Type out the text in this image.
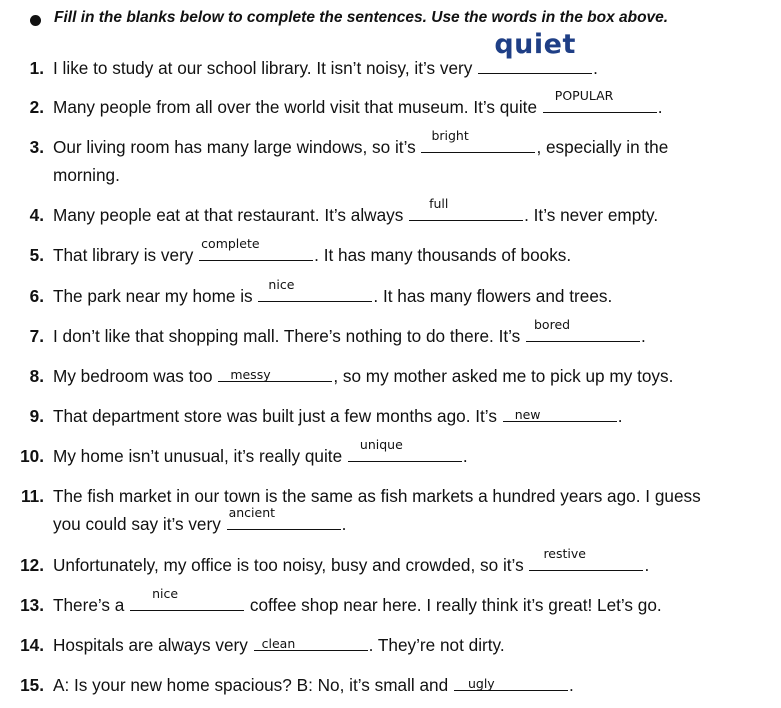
Fill in the blanks below to complete the sentences. Use the words in the box above.
1. I like to study at our school library. It isn’t noisy, it’s very
quiet
.
2. Many people from all over the world visit that museum. It’s quite
POPULAR
.
3. Our living room has many large windows, so it’s
bright
, especially in the
morning.
4. Many people eat at that restaurant. It’s always
full
. It’s never empty.
5. That library is very
complete
. It has many thousands of books.
6. The park near my home is
nice
. It has many flowers and trees.
7. I don’t like that shopping mall. There’s nothing to do there. It’s
bored
.
8. My bedroom was too messy	, so my mother asked me to pick up my toys.
9. That department store was built just a few months ago. It’s new	.
10. My home isn’t unusual, it’s really quite
unique
.
11. The fish market in our town is the same as fish markets a hundred years ago. I guess
you could say it’s very
ancient
.
12. Unfortunately, my office is too noisy, busy and crowded, so it’s
restive
.
13. There’s a
nice
coffee shop near here. I really think it’s great! Let’s go.
14. Hospitals are always very clean	. They’re not dirty.
15. A: Is your new home spacious? B: No, it’s small and ugly	.
